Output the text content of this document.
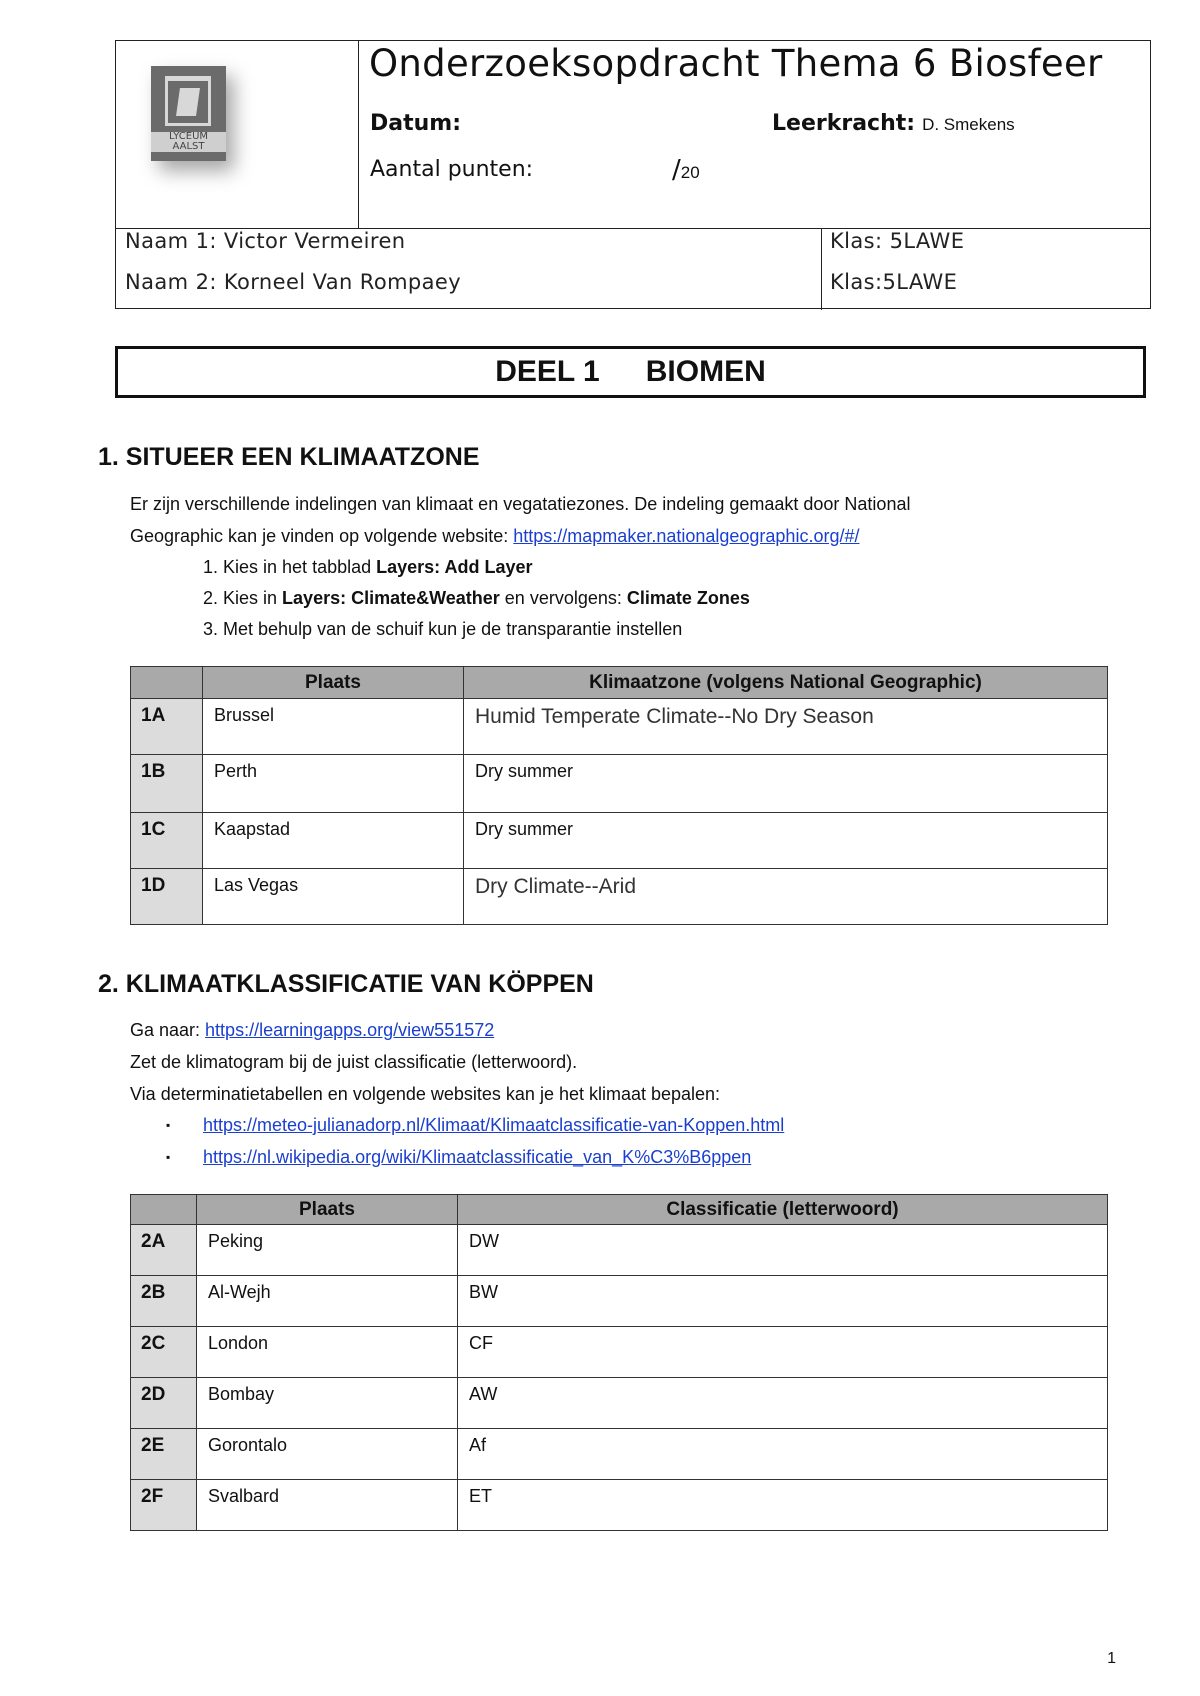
LYCEUM
AALST
Onderzoeksopdracht Thema 6 Biosfeer
Datum:	Leerkracht: D. Smekens
Aantal punten:	/20
Naam 1: Victor Vermeiren
Naam 2: Korneel Van Rompaey
Klas: 5LAWE
Klas:5LAWE
DEEL 1 BIOMEN
1. SITUEER EEN KLIMAATZONE
Er zijn verschillende indelingen van klimaat en vegatatiezones. De indeling gemaakt door National
Geographic kan je vinden op volgende website: https://mapmaker.nationalgeographic.org/#/
1. Kies in het tabblad Layers: Add Layer
2. Kies in Layers: Climate&Weather en vervolgens: Climate Zones
3. Met behulp van de schuif kun je de transparantie instellen
	Plaats	Klimaatzone (volgens National Geographic)
1A	Brussel	Humid Temperate Climate--No Dry Season
1B	Perth	Dry summer
1C	Kaapstad	Dry summer
1D	Las Vegas	Dry Climate--Arid
2. KLIMAATKLASSIFICATIE VAN KÖPPEN
Ga naar: https://learningapps.org/view551572
Zet de klimatogram bij de juist classificatie (letterwoord).
Via determinatietabellen en volgende websites kan je het klimaat bepalen:
▪ https://meteo-julianadorp.nl/Klimaat/Klimaatclassificatie-van-Koppen.html
▪ https://nl.wikipedia.org/wiki/Klimaatclassificatie_van_K%C3%B6ppen
	Plaats	Classificatie (letterwoord)
2A	Peking	DW
2B	Al-Wejh	BW
2C	London	CF
2D	Bombay	AW
2E	Gorontalo	Af
2F	Svalbard	ET
1
